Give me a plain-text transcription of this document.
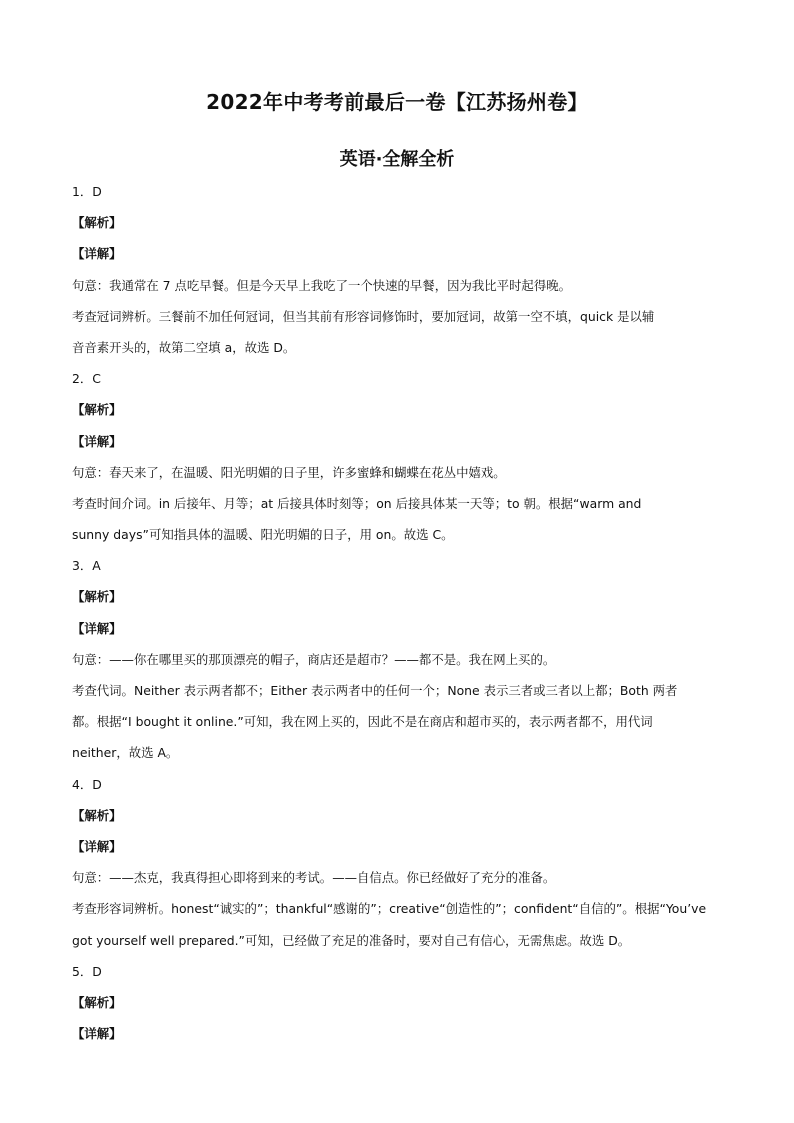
2022年中考考前最后一卷【江苏扬州卷】
英语·全解全析
1．D
【解析】
【详解】
句意：我通常在 7 点吃早餐。但是今天早上我吃了一个快速的早餐，因为我比平时起得晚。
考查冠词辨析。三餐前不加任何冠词，但当其前有形容词修饰时，要加冠词，故第一空不填，quick 是以辅
音音素开头的，故第二空填 a，故选 D。
2．C
【解析】
【详解】
句意：春天来了，在温暖、阳光明媚的日子里，许多蜜蜂和蝴蝶在花丛中嬉戏。
考查时间介词。in 后接年、月等；at 后接具体时刻等；on 后接具体某一天等；to 朝。根据“warm and
sunny days”可知指具体的温暖、阳光明媚的日子，用 on。故选 C。
3．A
【解析】
【详解】
句意：——你在哪里买的那顶漂亮的帽子，商店还是超市？——都不是。我在网上买的。
考查代词。Neither 表示两者都不；Either 表示两者中的任何一个；None 表示三者或三者以上都；Both 两者
都。根据“I bought it online.”可知，我在网上买的，因此不是在商店和超市买的，表示两者都不，用代词
neither，故选 A。
4．D
【解析】
【详解】
句意：——杰克，我真得担心即将到来的考试。——自信点。你已经做好了充分的准备。
考查形容词辨析。honest“诚实的”；thankful“感谢的”；creative“创造性的”；confident“自信的”。根据“You’ve
got yourself well prepared.”可知，已经做了充足的准备时，要对自己有信心，无需焦虑。故选 D。
5．D
【解析】
【详解】
